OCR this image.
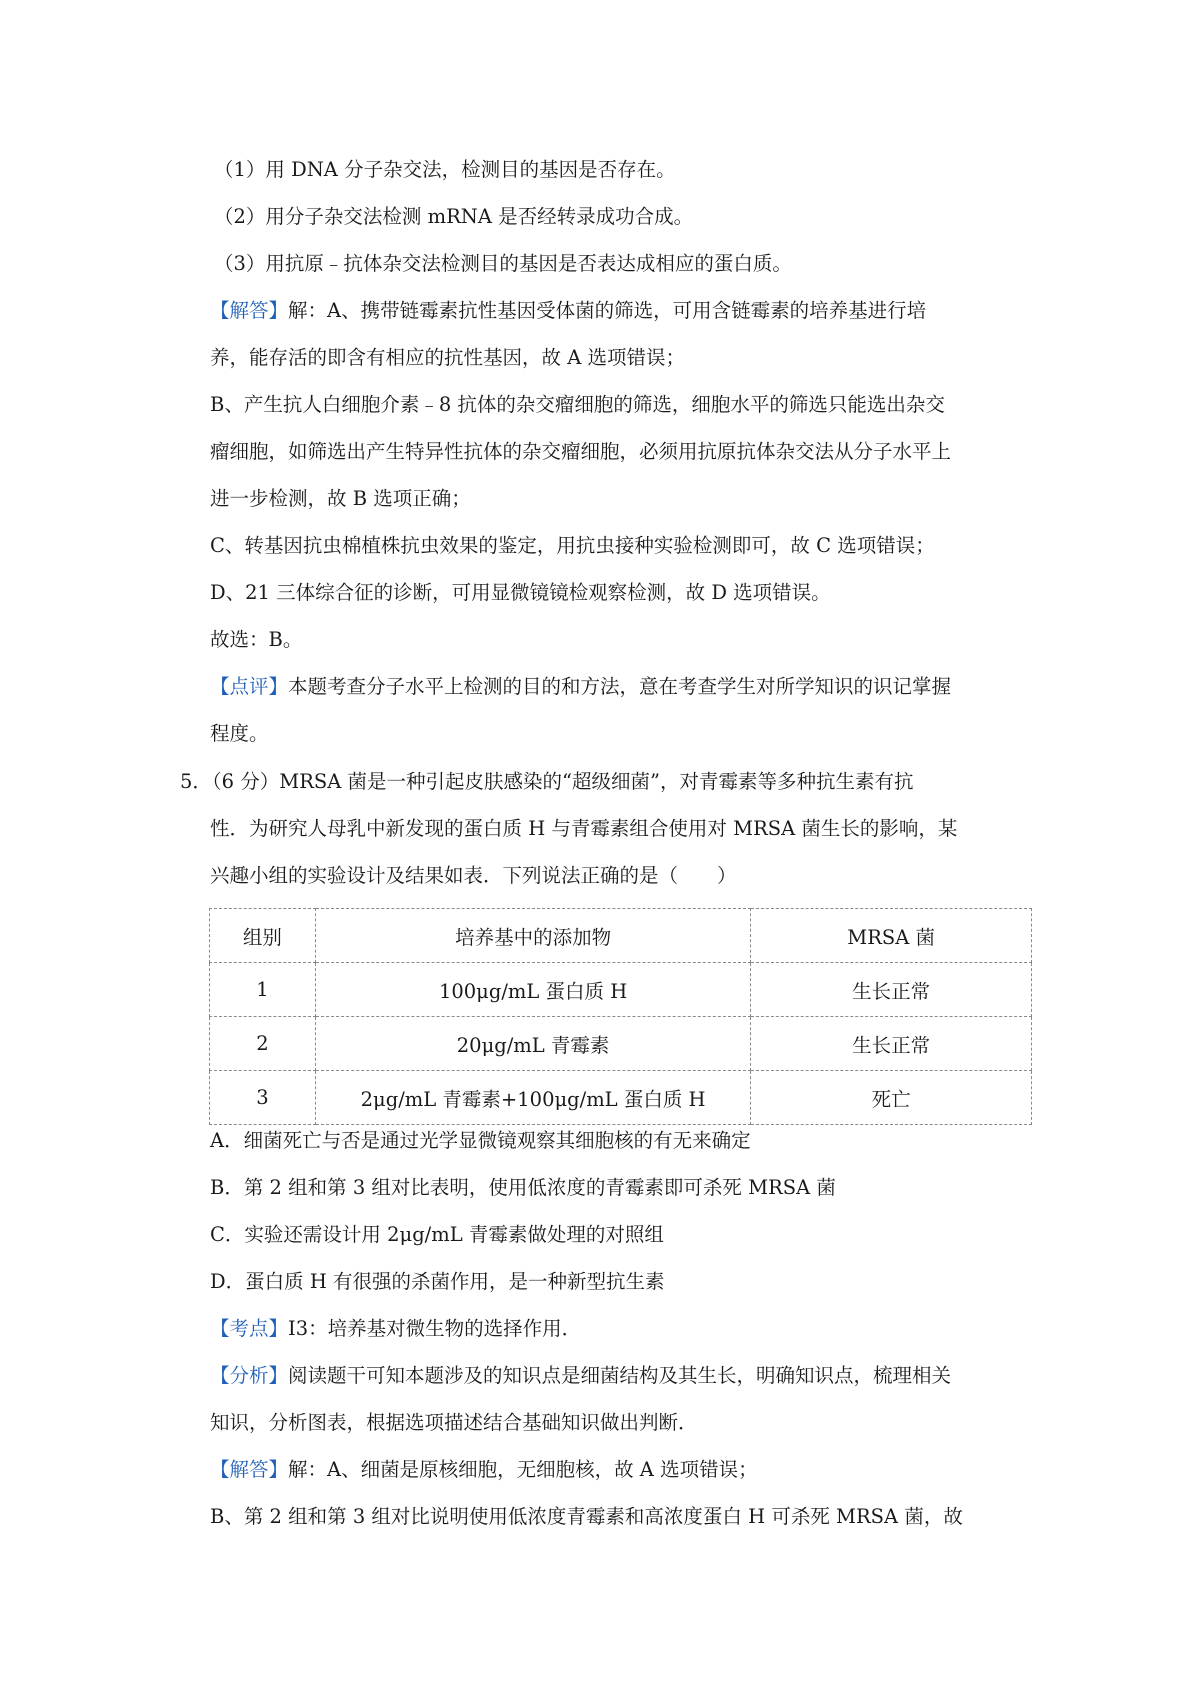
（1）用 DNA 分子杂交法，检测目的基因是否存在。
（2）用分子杂交法检测 mRNA 是否经转录成功合成。
（3）用抗原﹣抗体杂交法检测目的基因是否表达成相应的蛋白质。
【解答】解：A、携带链霉素抗性基因受体菌的筛选，可用含链霉素的培养基进行培
养，能存活的即含有相应的抗性基因，故 A 选项错误；
B、产生抗人白细胞介素﹣8 抗体的杂交瘤细胞的筛选，细胞水平的筛选只能选出杂交
瘤细胞，如筛选出产生特异性抗体的杂交瘤细胞，必须用抗原抗体杂交法从分子水平上
进一步检测，故 B 选项正确；
C、转基因抗虫棉植株抗虫效果的鉴定，用抗虫接种实验检测即可，故 C 选项错误；
D、21 三体综合征的诊断，可用显微镜镜检观察检测，故 D 选项错误。
故选：B。
【点评】本题考查分子水平上检测的目的和方法，意在考查学生对所学知识的识记掌握
程度。
5．（6 分）MRSA 菌是一种引起皮肤感染的“超级细菌”，对青霉素等多种抗生素有抗
性．为研究人母乳中新发现的蛋白质 H 与青霉素组合使用对 MRSA 菌生长的影响，某
兴趣小组的实验设计及结果如表．下列说法正确的是（　　）
组别	培养基中的添加物	MRSA 菌
1	100μg/mL 蛋白质 H	生长正常
2	20μg/mL 青霉素	生长正常
3	2μg/mL 青霉素+100μg/mL 蛋白质 H	死亡
A．细菌死亡与否是通过光学显微镜观察其细胞核的有无来确定
B．第 2 组和第 3 组对比表明，使用低浓度的青霉素即可杀死 MRSA 菌
C．实验还需设计用 2μg/mL 青霉素做处理的对照组
D．蛋白质 H 有很强的杀菌作用，是一种新型抗生素
【考点】I3：培养基对微生物的选择作用．
【分析】阅读题干可知本题涉及的知识点是细菌结构及其生长，明确知识点，梳理相关
知识，分析图表，根据选项描述结合基础知识做出判断．
【解答】解：A、细菌是原核细胞，无细胞核，故 A 选项错误；
B、第 2 组和第 3 组对比说明使用低浓度青霉素和高浓度蛋白 H 可杀死 MRSA 菌，故
